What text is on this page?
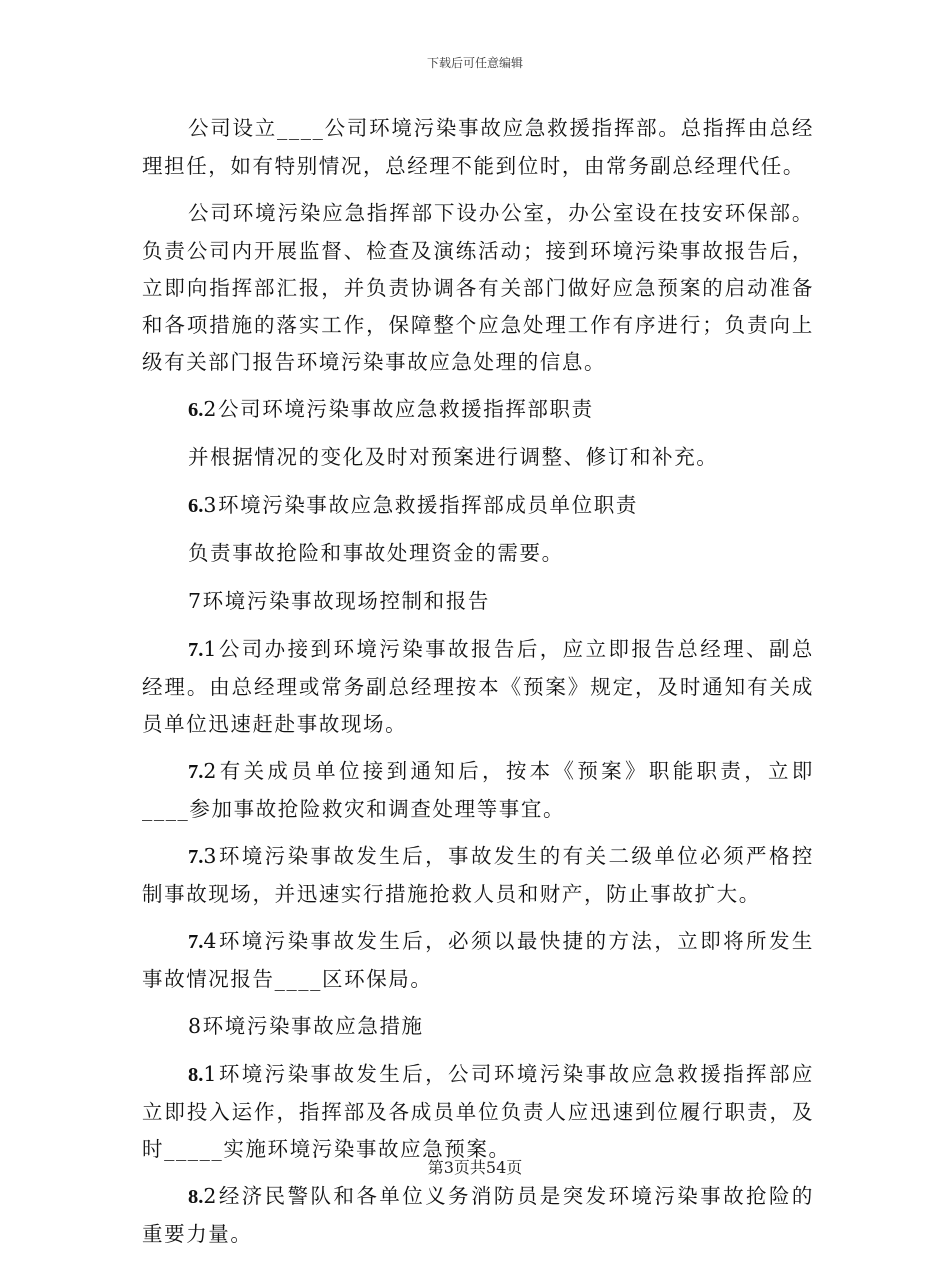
下载后可任意编辑

公司设立____公司环境污染事故应急救援指挥部。总指挥由总经理担任，如有特别情况，总经理不能到位时，由常务副总经理代任。

公司环境污染应急指挥部下设办公室，办公室设在技安环保部。负责公司内开展监督、检查及演练活动；接到环境污染事故报告后，立即向指挥部汇报，并负责协调各有关部门做好应急预案的启动准备和各项措施的落实工作，保障整个应急处理工作有序进行；负责向上级有关部门报告环境污染事故应急处理的信息。

6.2公司环境污染事故应急救援指挥部职责

并根据情况的变化及时对预案进行调整、修订和补充。

6.3环境污染事故应急救援指挥部成员单位职责

负责事故抢险和事故处理资金的需要。

7环境污染事故现场控制和报告

7.1公司办接到环境污染事故报告后，应立即报告总经理、副总经理。由总经理或常务副总经理按本《预案》规定，及时通知有关成员单位迅速赶赴事故现场。

7.2有关成员单位接到通知后，按本《预案》职能职责，立即____参加事故抢险救灾和调查处理等事宜。

7.3环境污染事故发生后，事故发生的有关二级单位必须严格控制事故现场，并迅速实行措施抢救人员和财产，防止事故扩大。

7.4环境污染事故发生后，必须以最快捷的方法，立即将所发生事故情况报告____区环保局。

8环境污染事故应急措施

8.1环境污染事故发生后，公司环境污染事故应急救援指挥部应立即投入运作，指挥部及各成员单位负责人应迅速到位履行职责，及时_____实施环境污染事故应急预案。

8.2经济民警队和各单位义务消防员是突发环境污染事故抢险的重要力量。

第3页共54页
